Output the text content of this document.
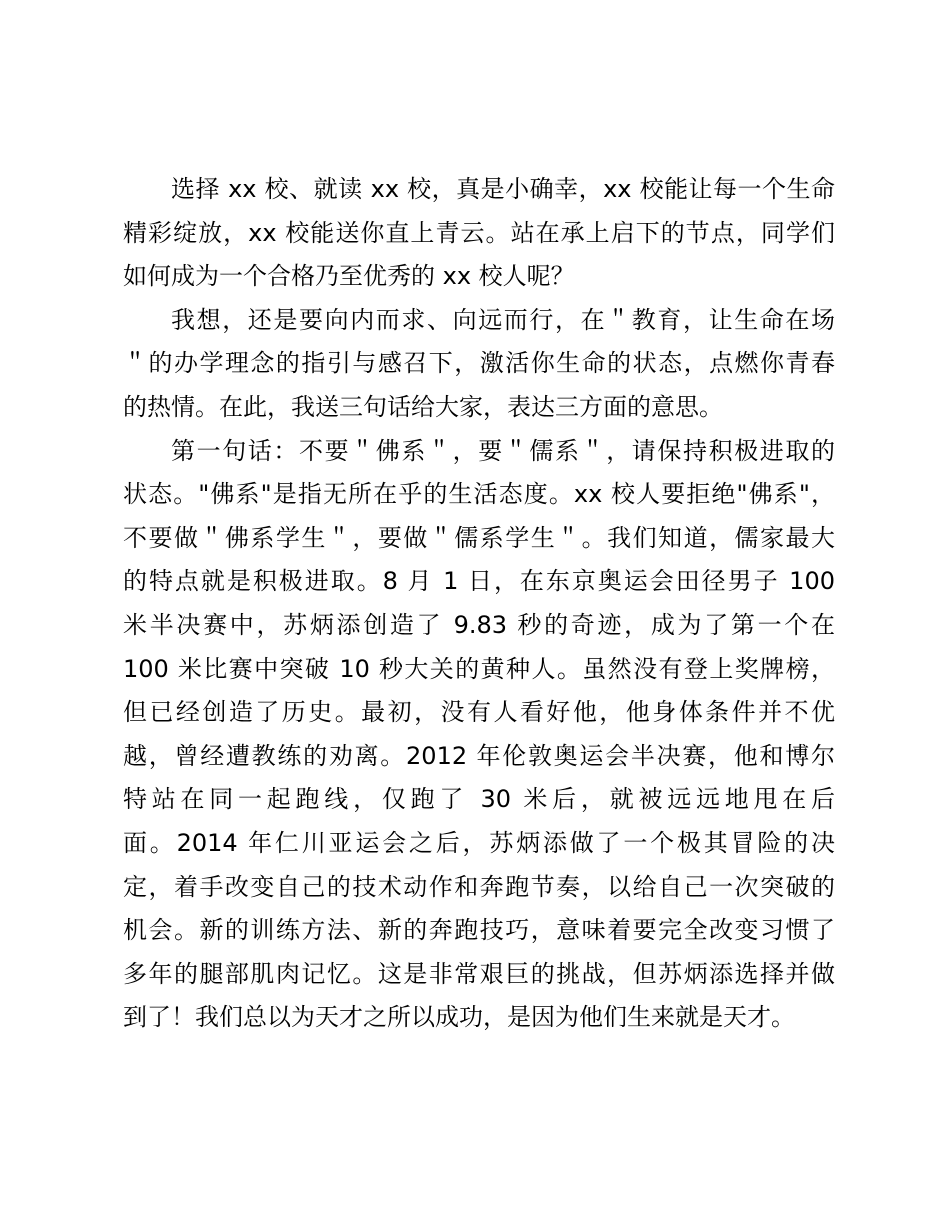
选择 xx 校、就读 xx 校，真是小确幸，xx 校能让每一个生命
精彩绽放，xx 校能送你直上青云。站在承上启下的节点，同学们
如何成为一个合格乃至优秀的 xx 校人呢？

我想，还是要向内而求、向远而行，在＂教育，让生命在场
＂的办学理念的指引与感召下，激活你生命的状态，点燃你青春
的热情。在此，我送三句话给大家，表达三方面的意思。

第一句话：不要＂佛系＂，要＂儒系＂，请保持积极进取的
状态。"佛系"是指无所在乎的生活态度。xx 校人要拒绝"佛系"，
不要做＂佛系学生＂，要做＂儒系学生＂。我们知道，儒家最大
的特点就是积极进取。8 月 1 日，在东京奥运会田径男子 100
米半决赛中，苏炳添创造了 9.83 秒的奇迹，成为了第一个在
100 米比赛中突破 10 秒大关的黄种人。虽然没有登上奖牌榜，
但已经创造了历史。最初，没有人看好他，他身体条件并不优
越，曾经遭教练的劝离。2012 年伦敦奥运会半决赛，他和博尔
特站在同一起跑线，仅跑了 30 米后，就被远远地甩在后
面。2014 年仁川亚运会之后，苏炳添做了一个极其冒险的决
定，着手改变自己的技术动作和奔跑节奏，以给自己一次突破的
机会。新的训练方法、新的奔跑技巧，意味着要完全改变习惯了
多年的腿部肌肉记忆。这是非常艰巨的挑战，但苏炳添选择并做
到了！我们总以为天才之所以成功，是因为他们生来就是天才。
